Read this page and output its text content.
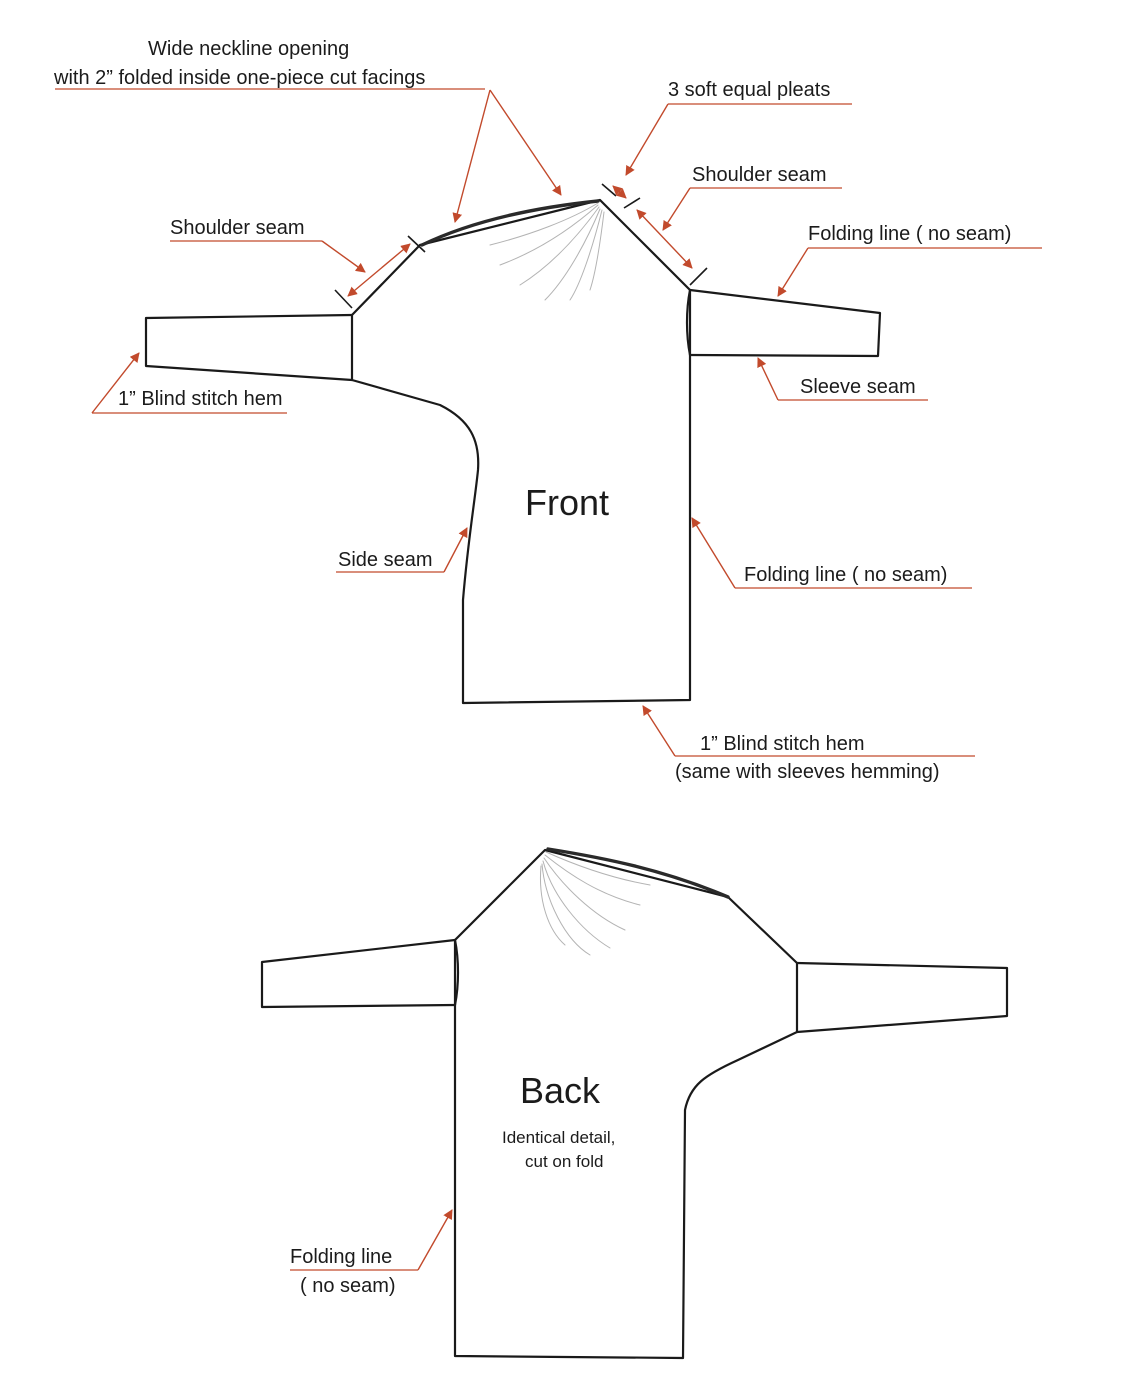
Wide neckline opening
with 2” folded inside one-piece cut facings
3 soft equal pleats
Shoulder seam
Shoulder seam	Folding line ( no seam)
1” Blind stitch hem
Sleeve seam
Side seam
Folding line ( no seam)
1” Blind stitch hem
(same with sleeves hemming)
Front
Back
Identical detail,
cut on fold
Folding line
( no seam)
